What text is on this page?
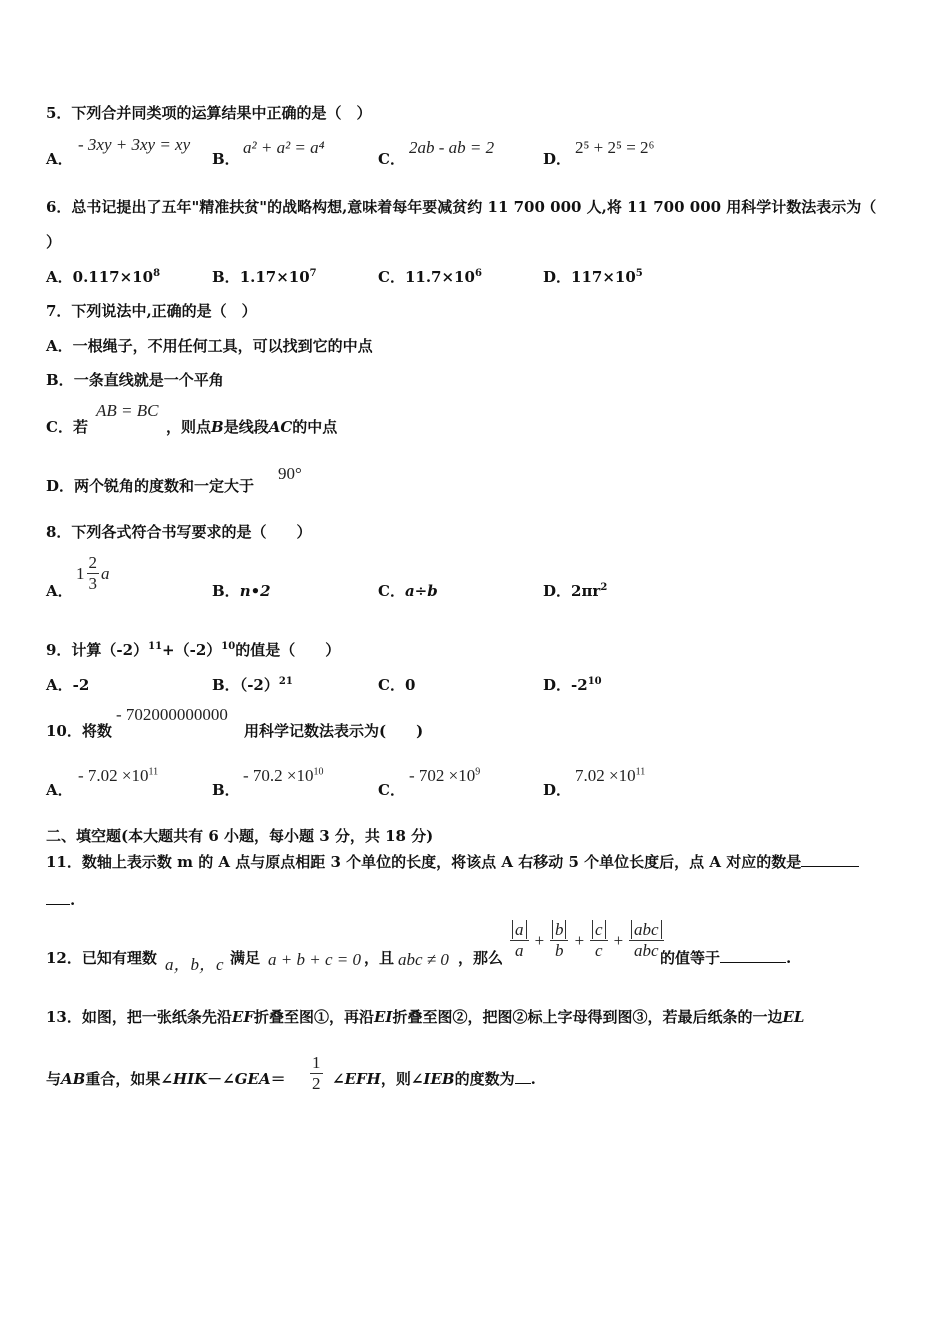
5．下列合并同类项的运算结果中正确的是（　）
A．
- 3xy + 3xy = xy
B．
a² + a² = a⁴
C．
2ab - ab = 2
D．
2⁵ + 2⁵ = 2⁶
6．总书记提出了五年"精准扶贫"的战略构想,意味着每年要减贫约 11 700 000 人,将 11 700 000 用科学计数法表示为（
）
A．$0.117\times 10^8$	B．$1.17\times 10^7$	C．$11.7\times 10^6$	D．$117\times 10^5$
7．下列说法中,正确的是（　）
A．一根绳子，不用任何工具，可以找到它的中点
B．一条直线就是一个平角
C．若
AB = BC
，则点B是线段AC的中点
D．两个锐角的度数和一定大于
90°
8．下列各式符合书写要求的是（　　）
A．
$1 \frac{2}{3}$ a
B．n•2	C．a÷b	D．$2\pi r^2$
9．计算$(-2)^{11}+(-2)^{10}$的值是（　　）
A．-2	B．$(-2)^{21}$	C．0	D．$-2^{10}$
10．将数
- 702000000000
用科学记数法表示为(　　)
A．
- $7.02 \times 10^{11}$
B．
- $70.2 \times 10^{10}$
C．
- $702 \times 10^9$
D．
$7.02 \times 10^{11}$
二、填空题(本大题共有 6 小题，每小题 3 分，共 18 分)
11．数轴上表示数 m 的 A 点与原点相距 3 个单位的长度，将该点 A 右移动 5 个单位长度后，点 A 对应的数是
.
12．已知有理数 a，b，c 满足 a + b + c = 0 ，且 abc ≠ 0 ，那么 $\frac{a}{a} + \frac{b}{b} + \frac{c}{c} + \frac{\text{abc}}{\text{abc}}$
的值等于	.
13．如图，把一张纸条先沿EF折叠至图①，再沿EI折叠至图②，把图②标上字母得到图③，若最后纸条的一边EL
与AB重合，如果∠HIK－∠GEA＝ $\frac{1}{2}$ ∠EFH，则∠IEB的度数为 .
